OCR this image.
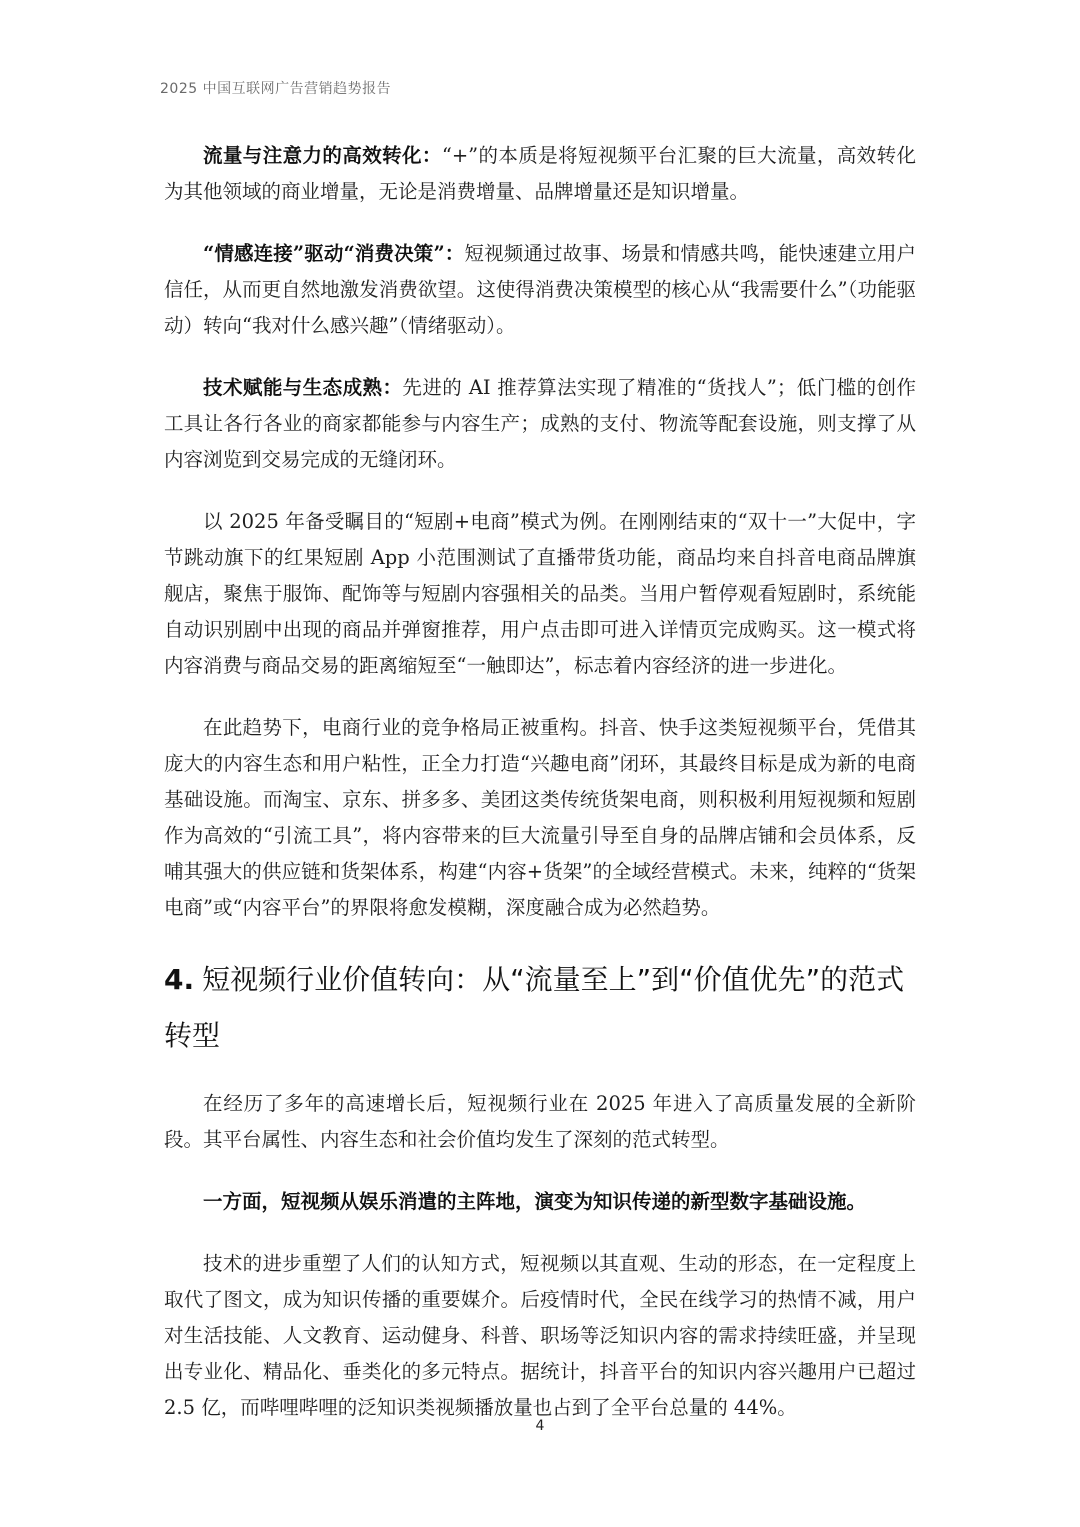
2025 中国互联网广告营销趋势报告

流量与注意力的高效转化：“+”的本质是将短视频平台汇聚的巨大流量，高效转化为其他领域的商业增量，无论是消费增量、品牌增量还是知识增量。

“情感连接”驱动“消费决策”：短视频通过故事、场景和情感共鸣，能快速建立用户信任，从而更自然地激发消费欲望。这使得消费决策模型的核心从“我需要什么”（功能驱动）转向“我对什么感兴趣”（情绪驱动）。

技术赋能与生态成熟：先进的 AI 推荐算法实现了精准的“货找人”；低门槛的创作工具让各行各业的商家都能参与内容生产；成熟的支付、物流等配套设施，则支撑了从内容浏览到交易完成的无缝闭环。

以 2025 年备受瞩目的“短剧+电商”模式为例。在刚刚结束的“双十一”大促中，字节跳动旗下的红果短剧 App 小范围测试了直播带货功能，商品均来自抖音电商品牌旗舰店，聚焦于服饰、配饰等与短剧内容强相关的品类。当用户暂停观看短剧时，系统能自动识别剧中出现的商品并弹窗推荐，用户点击即可进入详情页完成购买。这一模式将内容消费与商品交易的距离缩短至“一触即达”，标志着内容经济的进一步进化。

在此趋势下，电商行业的竞争格局正被重构。抖音、快手这类短视频平台，凭借其庞大的内容生态和用户粘性，正全力打造“兴趣电商”闭环，其最终目标是成为新的电商基础设施。而淘宝、京东、拼多多、美团这类传统货架电商，则积极利用短视频和短剧作为高效的“引流工具”，将内容带来的巨大流量引导至自身的品牌店铺和会员体系，反哺其强大的供应链和货架体系，构建“内容+货架”的全域经营模式。未来，纯粹的“货架电商”或“内容平台”的界限将愈发模糊，深度融合成为必然趋势。

4. 短视频行业价值转向：从“流量至上”到“价值优先”的范式转型

在经历了多年的高速增长后，短视频行业在 2025 年进入了高质量发展的全新阶段。其平台属性、内容生态和社会价值均发生了深刻的范式转型。

一方面，短视频从娱乐消遣的主阵地，演变为知识传递的新型数字基础设施。

技术的进步重塑了人们的认知方式，短视频以其直观、生动的形态，在一定程度上取代了图文，成为知识传播的重要媒介。后疫情时代，全民在线学习的热情不减，用户对生活技能、人文教育、运动健身、科普、职场等泛知识内容的需求持续旺盛，并呈现出专业化、精品化、垂类化的多元特点。据统计，抖音平台的知识内容兴趣用户已超过 2.5 亿，而哔哩哔哩的泛知识类视频播放量也占到了全平台总量的 44%。

4
